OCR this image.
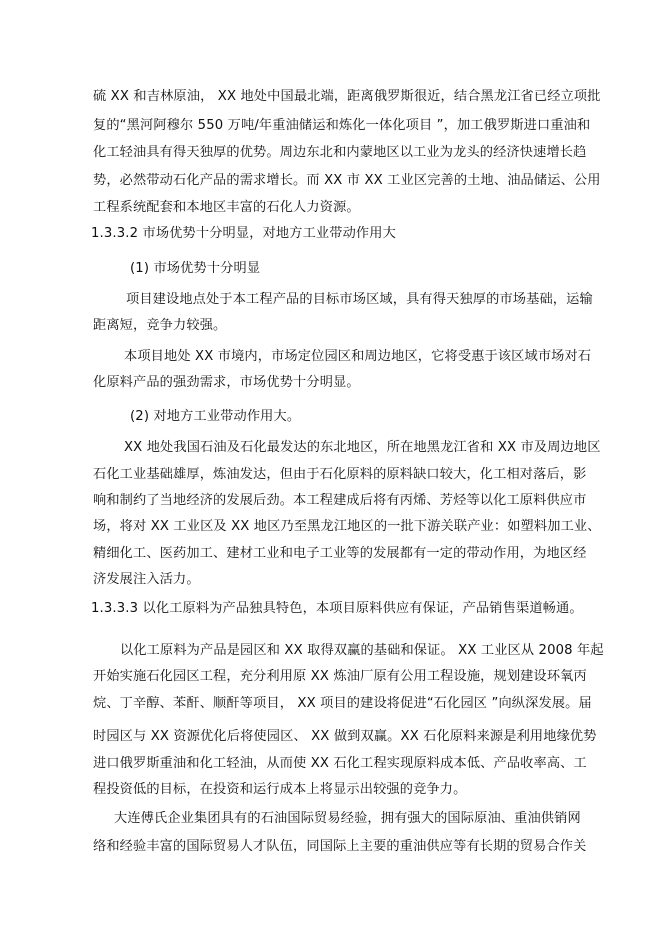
硫 XX 和吉林原油， XX 地处中国最北端，距离俄罗斯很近，结合黑龙江省已经立项批
复的“黑河阿穆尔 550 万吨/年重油储运和炼化一体化项目 ”，加工俄罗斯进口重油和
化工轻油具有得天独厚的优势。周边东北和内蒙地区以工业为龙头的经济快速增长趋
势，必然带动石化产品的需求增长。而 XX 市 XX 工业区完善的土地、油品储运、公用
工程系统配套和本地区丰富的石化人力资源。
1.3.3.2 市场优势十分明显，对地方工业带动作用大
(1) 市场优势十分明显
项目建设地点处于本工程产品的目标市场区域，具有得天独厚的市场基础，运输
距离短，竞争力较强。
本项目地处 XX 市境内，市场定位园区和周边地区，它将受惠于该区域市场对石
化原料产品的强劲需求，市场优势十分明显。
(2) 对地方工业带动作用大。
XX 地处我国石油及石化最发达的东北地区，所在地黑龙江省和 XX 市及周边地区
石化工业基础雄厚，炼油发达，但由于石化原料的原料缺口较大，化工相对落后，影
响和制约了当地经济的发展后劲。本工程建成后将有丙烯、芳烃等以化工原料供应市
场，将对 XX 工业区及 XX 地区乃至黑龙江地区的一批下游关联产业：如塑料加工业、
精细化工、医药加工、建材工业和电子工业等的发展都有一定的带动作用，为地区经
济发展注入活力。
1.3.3.3 以化工原料为产品独具特色，本项目原料供应有保证，产品销售渠道畅通。
以化工原料为产品是园区和 XX 取得双赢的基础和保证。 XX 工业区从 2008 年起
开始实施石化园区工程，充分利用原 XX 炼油厂原有公用工程设施，规划建设环氧丙
烷、丁辛醇、苯酐、顺酐等项目， XX 项目的建设将促进“石化园区 ”向纵深发展。届
时园区与 XX 资源优化后将使园区、 XX 做到双赢。XX 石化原料来源是利用地缘优势
进口俄罗斯重油和化工轻油，从而使 XX 石化工程实现原料成本低、产品收率高、工
程投资低的目标，在投资和运行成本上将显示出较强的竞争力。
大连傅氏企业集团具有的石油国际贸易经验，拥有强大的国际原油、重油供销网
络和经验丰富的国际贸易人才队伍，同国际上主要的重油供应等有长期的贸易合作关
